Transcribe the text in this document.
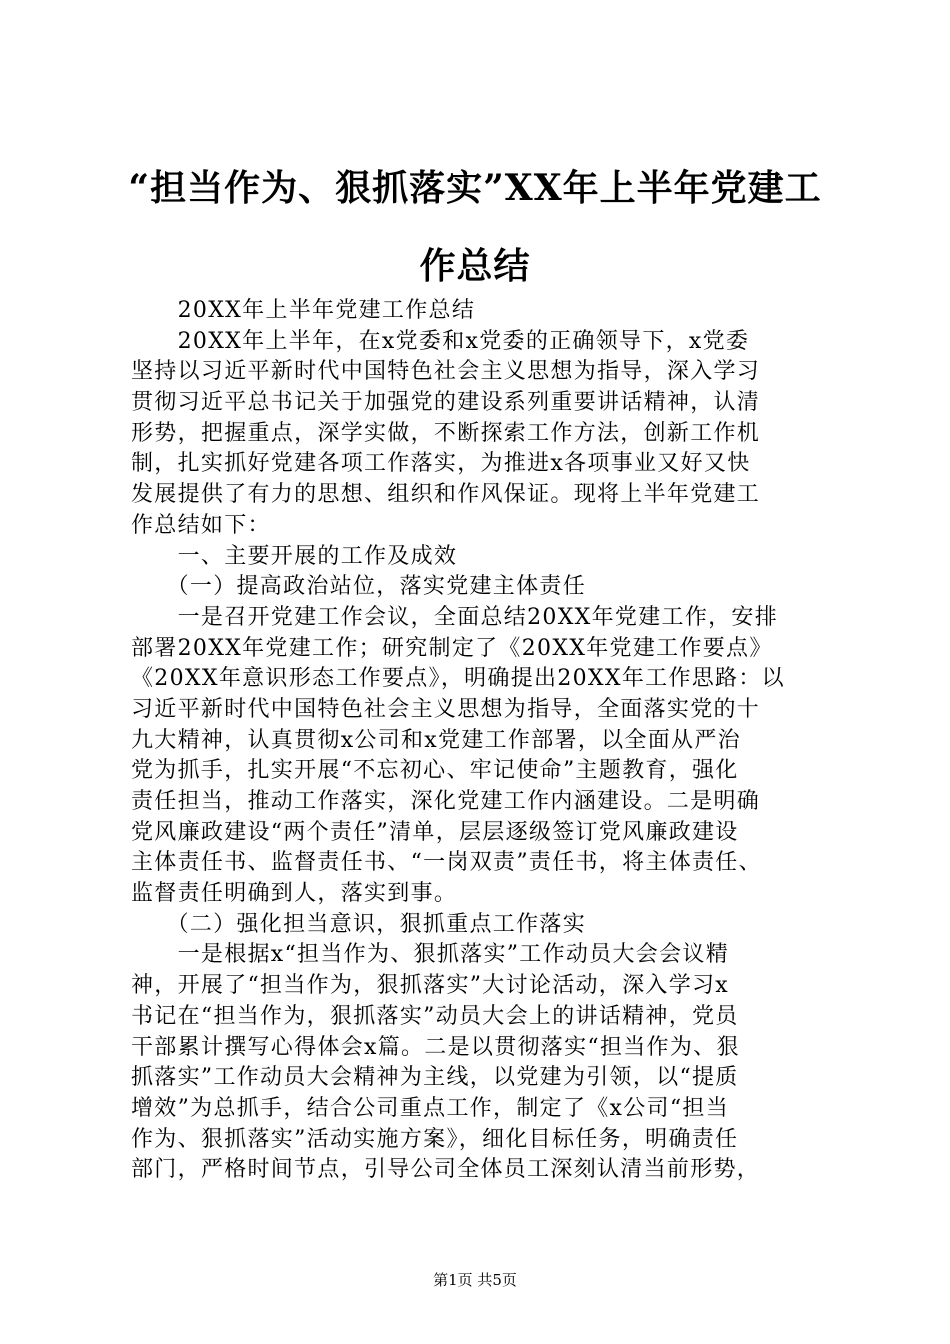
“担当作为、狠抓落实”XX年上半年党建工
作总结
　　20XX年上半年党建工作总结
　　20XX年上半年，在x党委和x党委的正确领导下，x党委
坚持以习近平新时代中国特色社会主义思想为指导，深入学习
贯彻习近平总书记关于加强党的建设系列重要讲话精神，认清
形势，把握重点，深学实做，不断探索工作方法，创新工作机
制，扎实抓好党建各项工作落实，为推进x各项事业又好又快
发展提供了有力的思想、组织和作风保证。现将上半年党建工
作总结如下：
　　一、主要开展的工作及成效
　　（一）提高政治站位，落实党建主体责任
　　一是召开党建工作会议，全面总结20XX年党建工作，安排
部署20XX年党建工作；研究制定了《20XX年党建工作要点》
《20XX年意识形态工作要点》，明确提出20XX年工作思路：以
习近平新时代中国特色社会主义思想为指导，全面落实党的十
九大精神，认真贯彻x公司和x党建工作部署，以全面从严治
党为抓手，扎实开展“不忘初心、牢记使命”主题教育，强化
责任担当，推动工作落实，深化党建工作内涵建设。二是明确
党风廉政建设“两个责任”清单，层层逐级签订党风廉政建设
主体责任书、监督责任书、“一岗双责”责任书，将主体责任、
监督责任明确到人，落实到事。
　　（二）强化担当意识，狠抓重点工作落实
　　一是根据x“担当作为、狠抓落实”工作动员大会会议精
神，开展了“担当作为，狠抓落实”大讨论活动，深入学习x
书记在“担当作为，狠抓落实”动员大会上的讲话精神，党员
干部累计撰写心得体会x篇。二是以贯彻落实“担当作为、狠
抓落实”工作动员大会精神为主线，以党建为引领，以“提质
增效”为总抓手，结合公司重点工作，制定了《x公司“担当
作为、狠抓落实”活动实施方案》，细化目标任务，明确责任
部门，严格时间节点，引导公司全体员工深刻认清当前形势，
第1页 共5页
